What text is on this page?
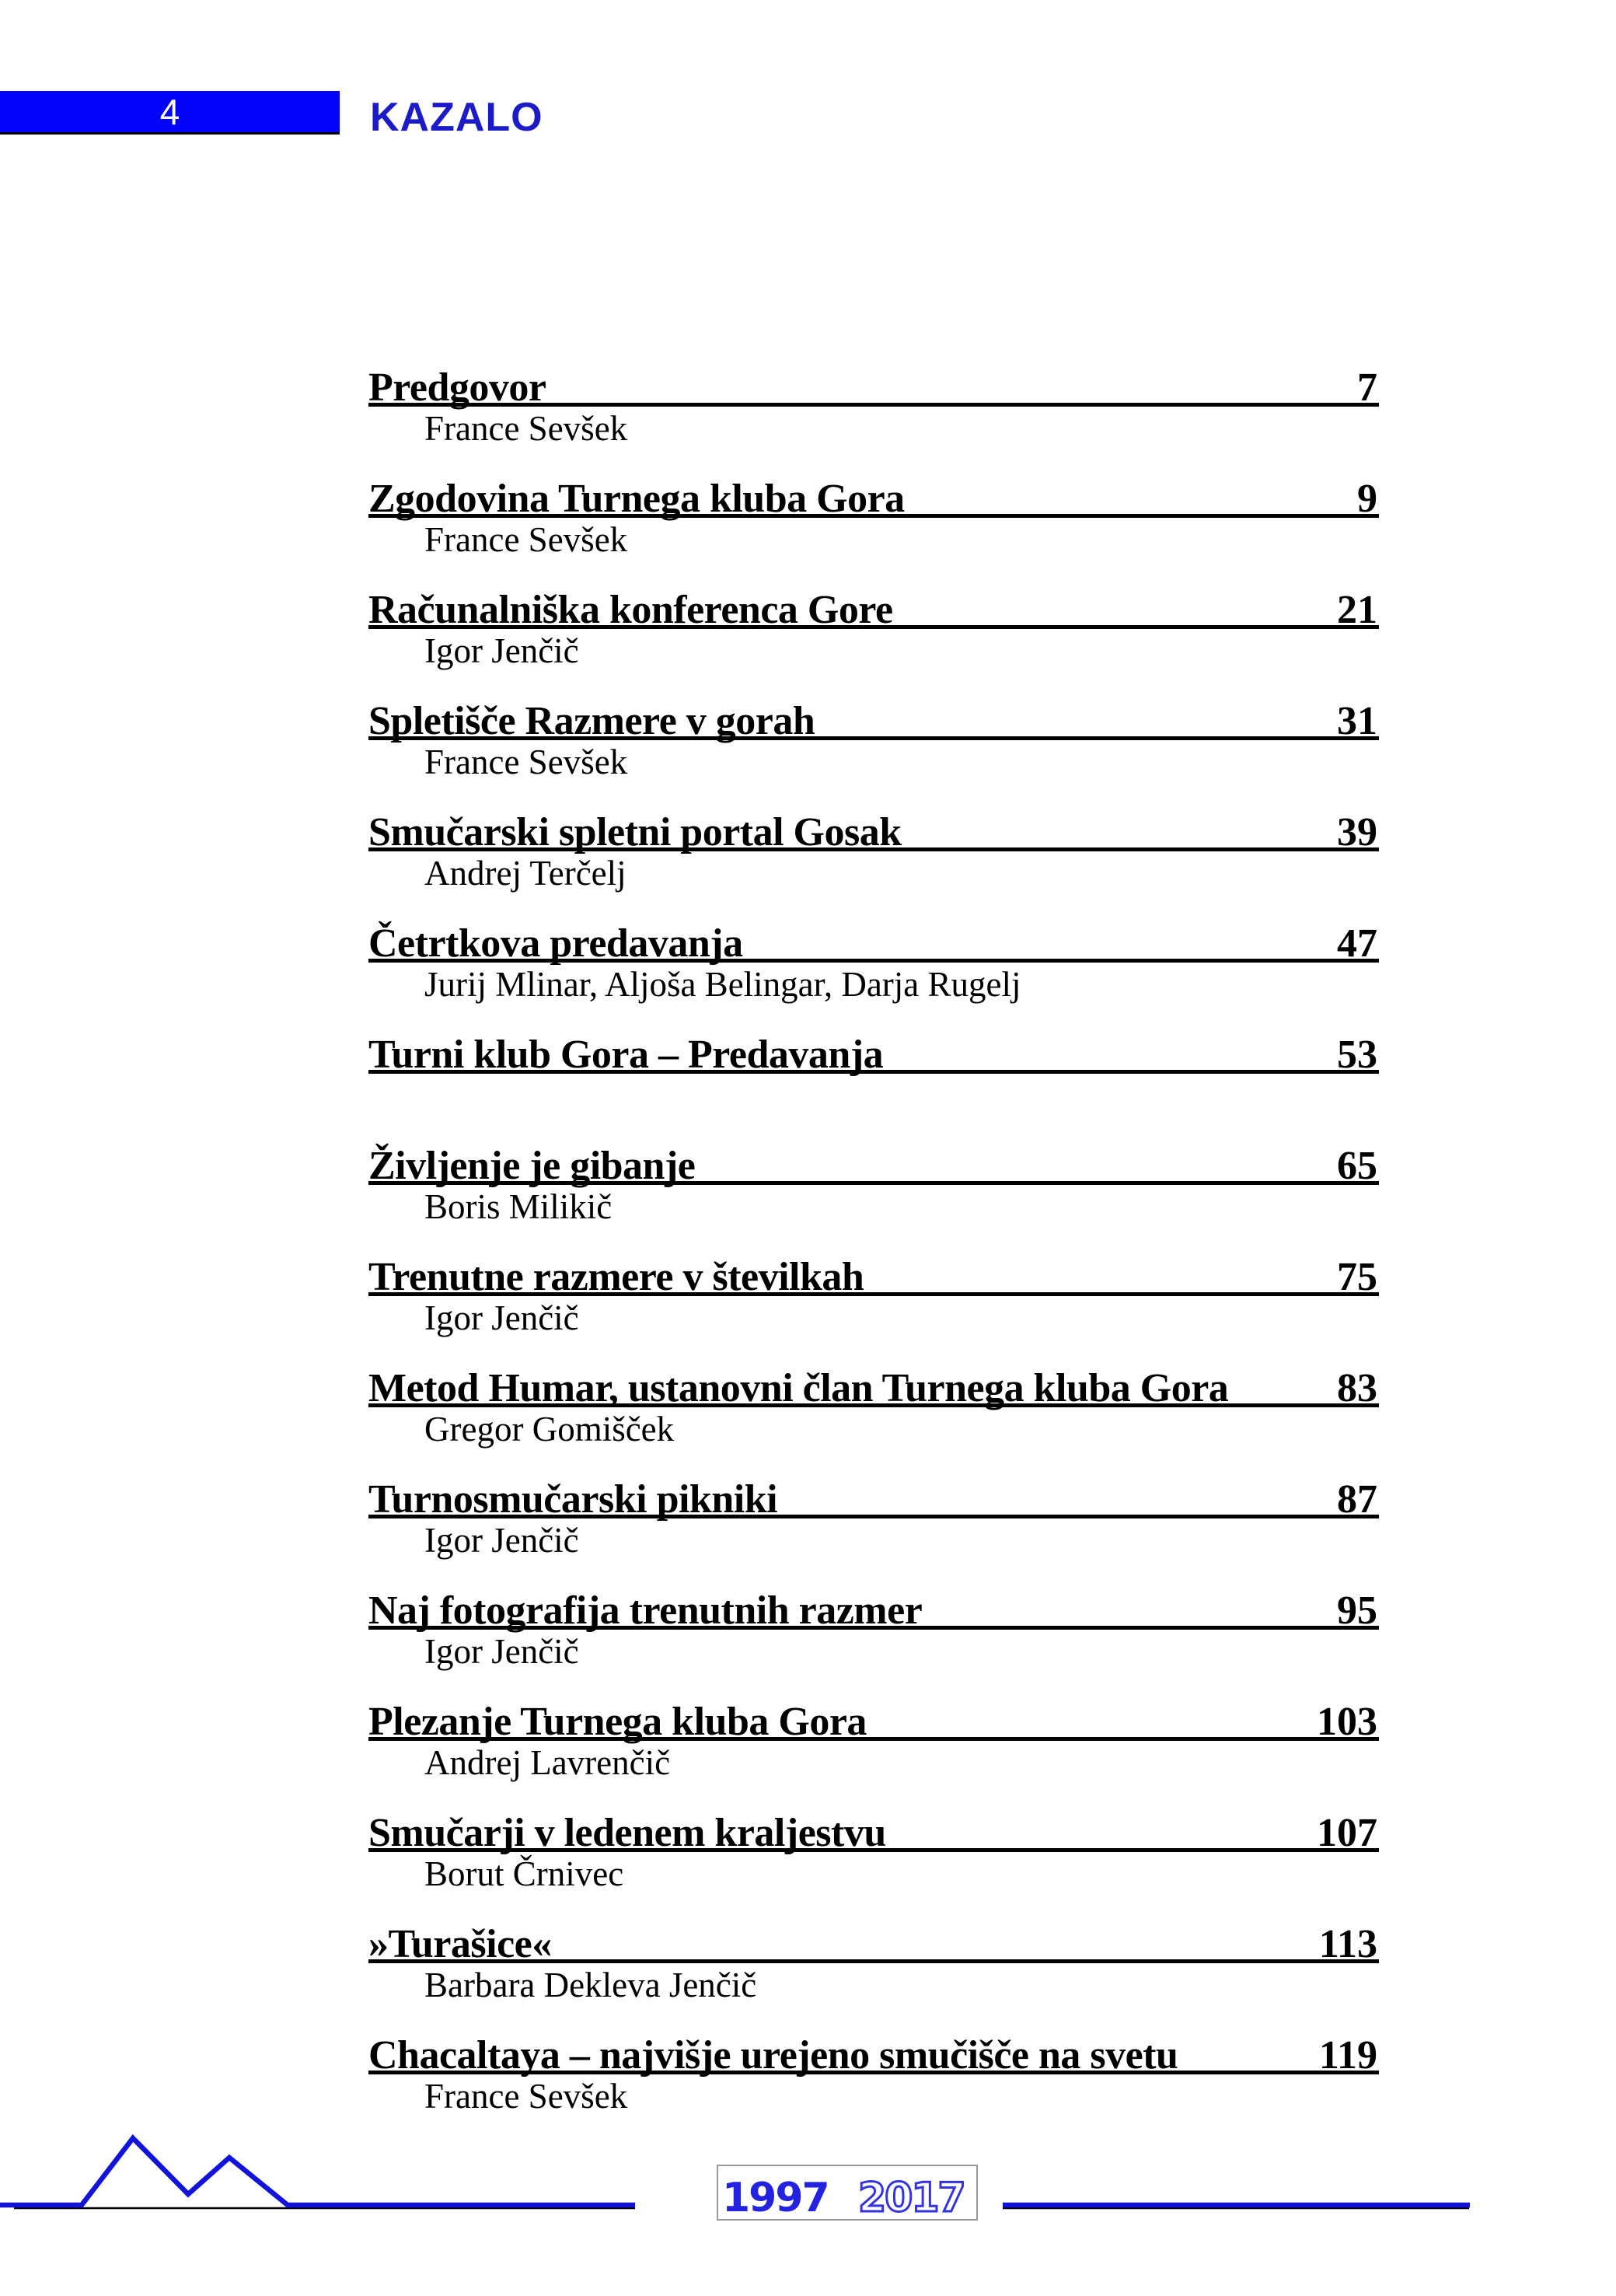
4	KAZALO
Predgovor	7
France Sevšek
Zgodovina Turnega kluba Gora	9
France Sevšek
Računalniška konferenca Gore	21
Igor Jenčič
Spletišče Razmere v gorah	31
France Sevšek
Smučarski spletni portal Gosak	39
Andrej Terčelj
Četrtkova predavanja	47
Jurij Mlinar, Aljoša Belingar, Darja Rugelj
Turni klub Gora – Predavanja	53
Življenje je gibanje	65
Boris Milikič
Trenutne razmere v številkah	75
Igor Jenčič
Metod Humar, ustanovni član Turnega kluba Gora	83
Gregor Gomišček
Turnosmučarski pikniki	87
Igor Jenčič
Naj fotografija trenutnih razmer	95
Igor Jenčič
Plezanje Turnega kluba Gora	103
Andrej Lavrenčič
Smučarji v ledenem kraljestvu	107
Borut Črnivec
»Turašice«	113
Barbara Dekleva Jenčič
Chacaltaya – najvišje urejeno smučišče na svetu	119
France Sevšek
1997 2017
